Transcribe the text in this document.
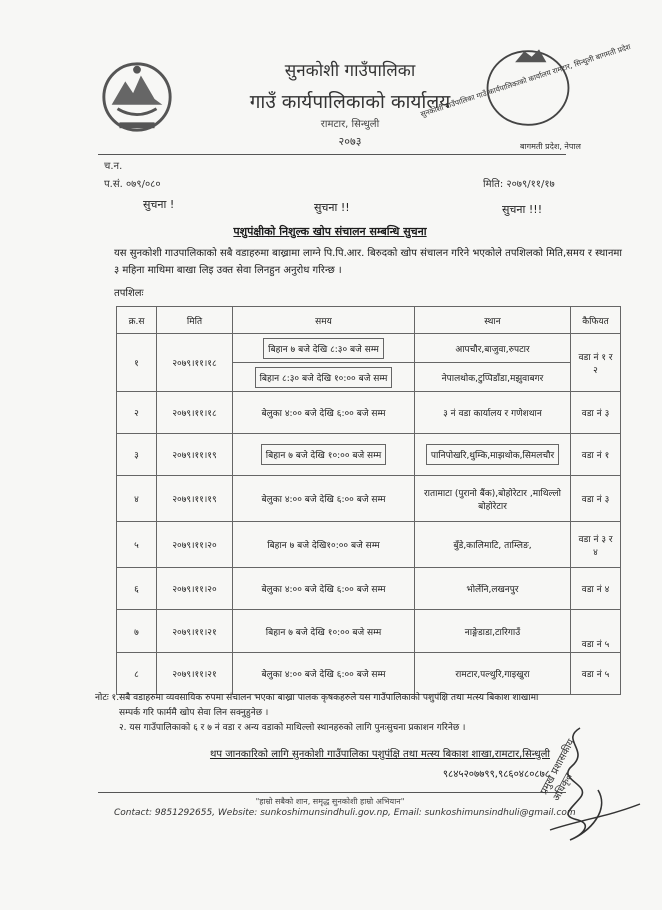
सुनकोशी गाउँपालिका
गाउँ कार्यपालिकाको कार्यालय
रामटार, सिन्धुली
२०७३
सुनकोशी गाउँपालिका गाउँ कार्यपालिकाको कार्यालय रामटार, सिन्धुली बागमती प्रदेश
बागमती प्रदेश, नेपाल
च.न.
प.सं. ०७९/०८०	मिति: २०७९/११/१७
सुचना !	सुचना !!	सुचना !!!
पशुपंक्षीको निशुल्क खोप संचालन सम्बन्धि सुचना
यस सुनकोशी गाउपालिकाको सबै वडाहरुमा बाख्रामा लाग्ने पि.पि.आर. बिरुदको खोप संचालन गरिने भएकोले तपशिलको मिति,समय र स्थानमा ३ महिना माथिमा बाखा लिइ उक्त सेवा लिनहुन अनुरोध गरिन्छ ।
तपशिलः
क्र.स	मिति	समय	स्थान	कैफियत
१	२०७९।११।१८	बिहान ७ बजे देखि ८:३० बजे सम्म	आपचौर,बाजुवा,रुपटार	वडा नं १ र २
		बिहान ८:३० बजे देखि १०:०० बजे सम्म	नेपालथोक,टुप्पिडाँडा,मझुवाबगर	
२	२०७९।११।१८	बेलुका ४:०० बजे देखि ६:०० बजे सम्म	३ नं वडा कार्यालय र गणेशथान	वडा नं ३
३	२०७९।११।१९	बिहान ७ बजे देखि १०:०० बजे सम्म	पानिपोखरि,थुम्कि,माझथोक,सिमलचौर	वडा नं १
४	२०७९।११।१९	बेलुका ४:०० बजे देखि ६:०० बजे सम्म	रातामाटा (पुरानो बैंक),बोहोरेटार ,माथिल्लो बोहोरेटार	वडा नं ३
५	२०७९।११।२०	बिहान ७ बजे देखि१०:०० बजे सम्म	बुँडे,कालिमाटि, ताम्लिङ,	वडा नं ३ र ४
६	२०७९।११।२०	बेलुका ४:०० बजे देखि ६:०० बजे सम्म	भोर्लेनि,लखनपुर	वडा नं ४
७	२०७९।११।२१	बिहान ७ बजे देखि १०:०० बजे सम्म	नाङ्गेडाडा,टारिगाउँ	वडा नं ५
८	२०७९।११।२१	बेलुका ४:०० बजे देखि ६:०० बजे सम्म	रामटार,पल्थुरि,गाइखुरा	वडा नं ५
नोटः १.सबै वडाहरुमा व्यवसायिक रुपमा संचालन भएका बाख्रा पालक कृषकहरुले यस गाउँपालिकाको पशुपंक्षि तथा मत्स्य बिकाश शाखामा
सम्पर्क गरि फार्ममै खोप सेवा लिन सक्नुहुनेछ ।
२. यस गाउँपालिकाको ६ र ७ नं वडा र अन्य वडाको माथिल्लो स्थानहरुको लागि पुनःसुचना प्रकाशन गरिनेछ ।
थप जानकारिको लागि सुनकोशी गाउँपालिका पशुपंक्षि तथा मत्स्य बिकाश शाखा,रामटार,सिन्धुली
९८४५२०७७९९,९८६०४८०८७८
"हाम्रो सबैको शान, समृद्ध सुनकोशी हाम्रो अभियान"
Contact: 9851292655, Website: sunkoshimunsindhuli.gov.np, Email: sunkoshimunsindhuli@gmail.com
प्रमुख प्रशासकीय अधिकृत
